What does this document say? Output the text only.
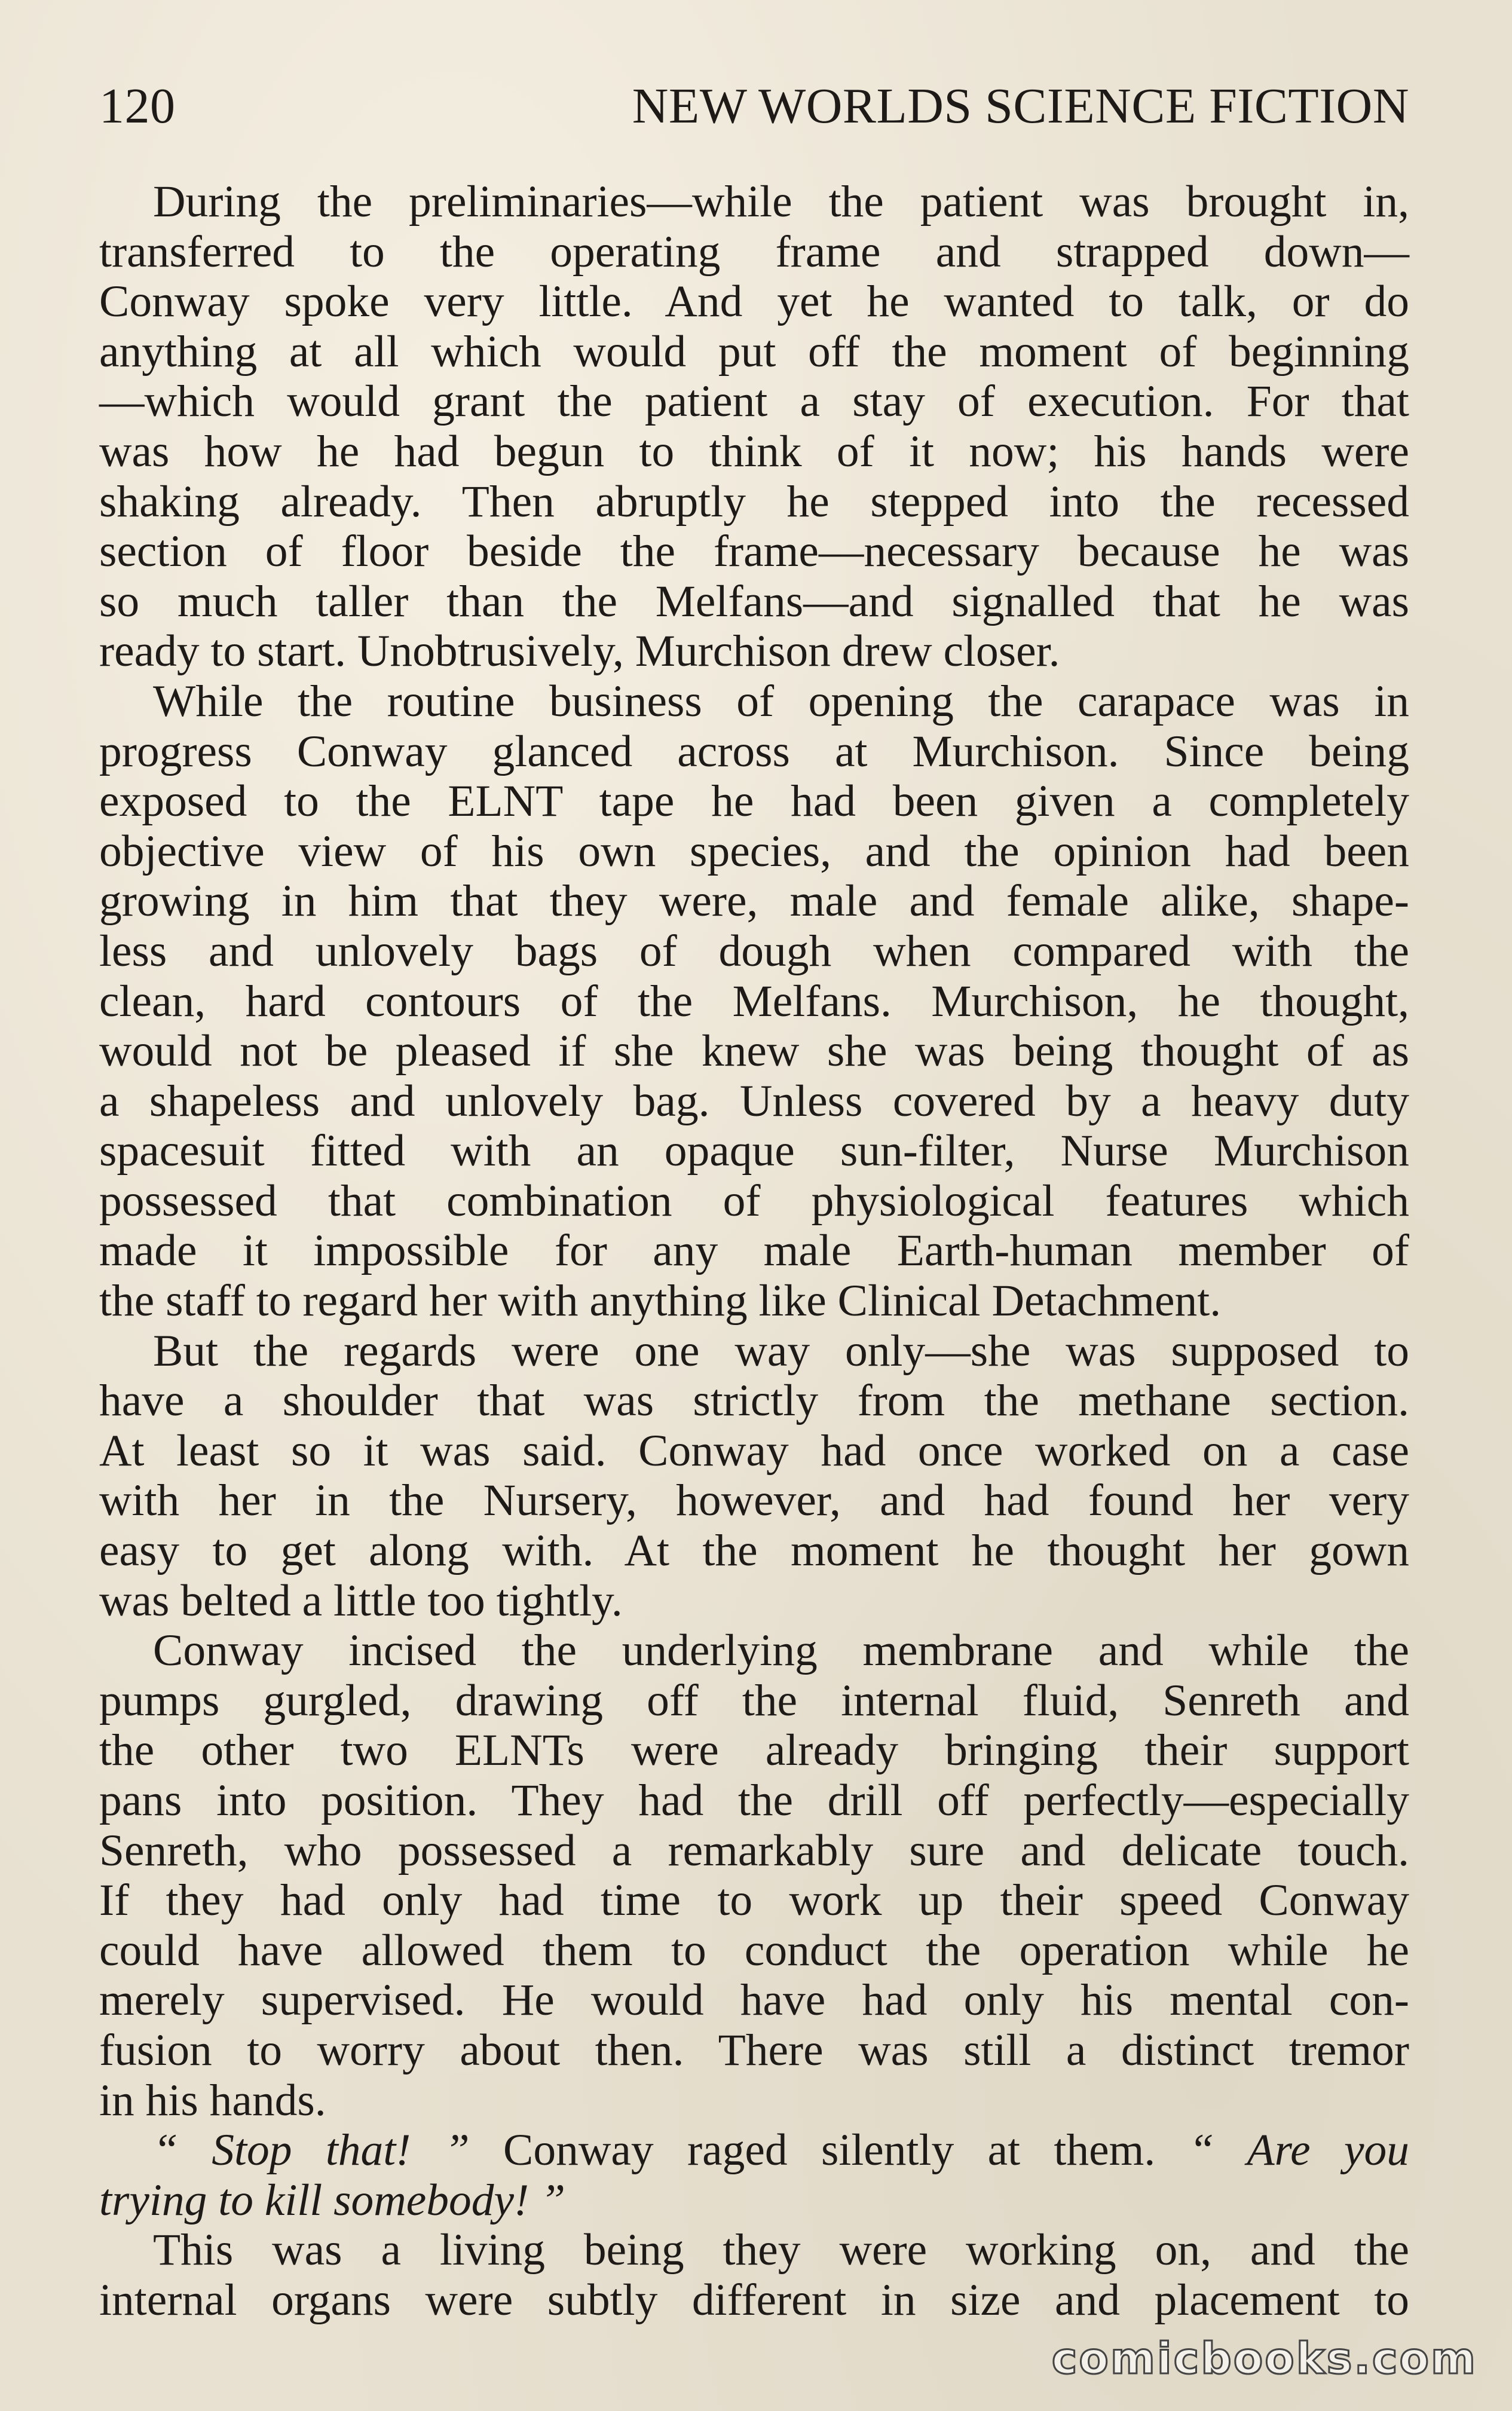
120	NEW WORLDS SCIENCE FICTION
During the preliminaries—while the patient was brought in,
transferred to the operating frame and strapped down—
Conway spoke very little. And yet he wanted to talk, or do
anything at all which would put off the moment of beginning
—which would grant the patient a stay of execution. For that
was how he had begun to think of it now; his hands were
shaking already. Then abruptly he stepped into the recessed
section of floor beside the frame—necessary because he was
so much taller than the Melfans—and signalled that he was
ready to start. Unobtrusively, Murchison drew closer.
While the routine business of opening the carapace was in
progress Conway glanced across at Murchison. Since being
exposed to the ELNT tape he had been given a completely
objective view of his own species, and the opinion had been
growing in him that they were, male and female alike, shape-
less and unlovely bags of dough when compared with the
clean, hard contours of the Melfans. Murchison, he thought,
would not be pleased if she knew she was being thought of as
a shapeless and unlovely bag. Unless covered by a heavy duty
spacesuit fitted with an opaque sun-filter, Nurse Murchison
possessed that combination of physiological features which
made it impossible for any male Earth-human member of
the staff to regard her with anything like Clinical Detachment.
But the regards were one way only—she was supposed to
have a shoulder that was strictly from the methane section.
At least so it was said. Conway had once worked on a case
with her in the Nursery, however, and had found her very
easy to get along with. At the moment he thought her gown
was belted a little too tightly.
Conway incised the underlying membrane and while the
pumps gurgled, drawing off the internal fluid, Senreth and
the other two ELNTs were already bringing their support
pans into position. They had the drill off perfectly—especially
Senreth, who possessed a remarkably sure and delicate touch.
If they had only had time to work up their speed Conway
could have allowed them to conduct the operation while he
merely supervised. He would have had only his mental con-
fusion to worry about then. There was still a distinct tremor
in his hands.
“ Stop that! ” Conway raged silently at them. “ Are you
trying to kill somebody! ”
This was a living being they were working on, and the
internal organs were subtly different in size and placement to
comicbooks.com
